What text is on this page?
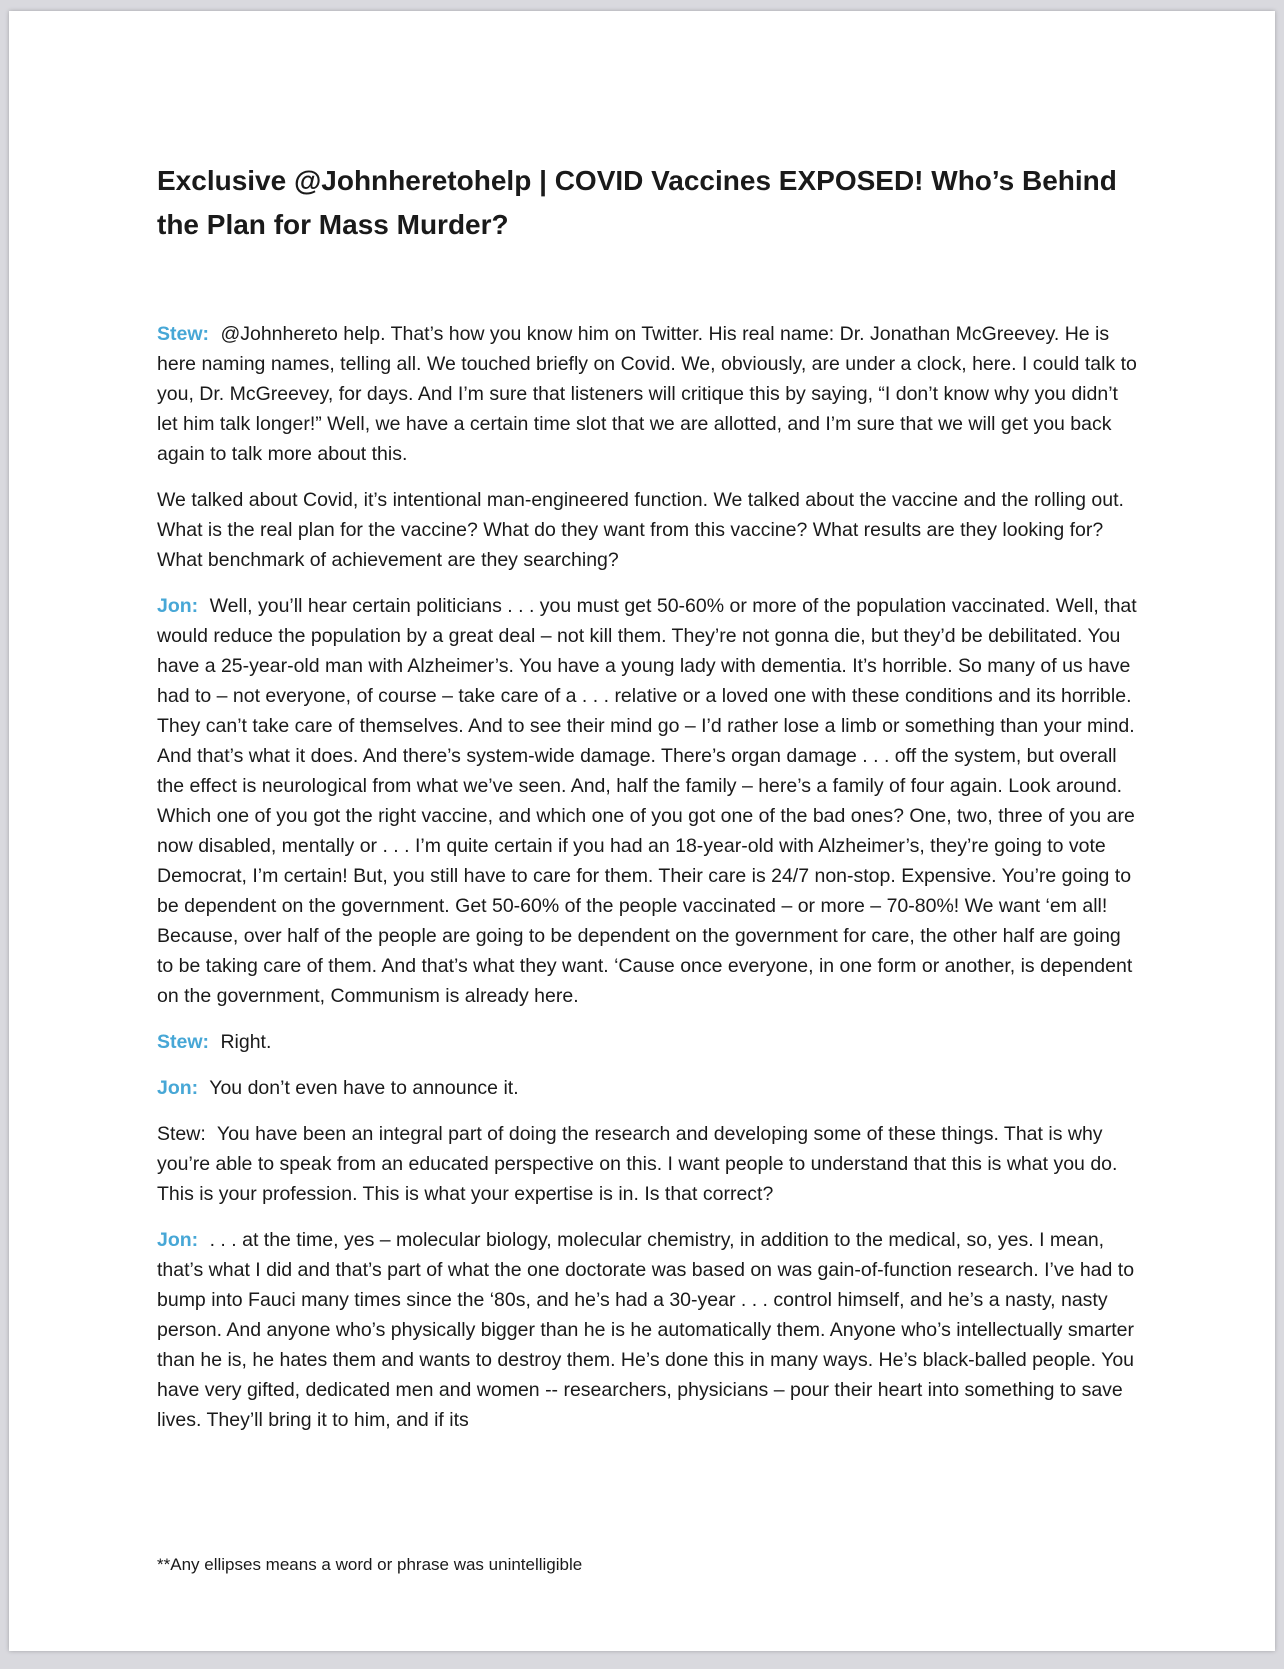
Exclusive @Johnheretohelp | COVID Vaccines EXPOSED! Who’s Behind the Plan for Mass Murder?

Stew: @Johnhereto help. That’s how you know him on Twitter. His real name: Dr. Jonathan McGreevey. He is here naming names, telling all. We touched briefly on Covid. We, obviously, are under a clock, here. I could talk to you, Dr. McGreevey, for days. And I’m sure that listeners will critique this by saying, “I don’t know why you didn’t let him talk longer!” Well, we have a certain time slot that we are allotted, and I’m sure that we will get you back again to talk more about this.

We talked about Covid, it’s intentional man-engineered function. We talked about the vaccine and the rolling out. What is the real plan for the vaccine? What do they want from this vaccine? What results are they looking for? What benchmark of achievement are they searching?

Jon: Well, you’ll hear certain politicians . . . you must get 50-60% or more of the population vaccinated. Well, that would reduce the population by a great deal – not kill them. They’re not gonna die, but they’d be debilitated. You have a 25-year-old man with Alzheimer’s. You have a young lady with dementia. It’s horrible. So many of us have had to – not everyone, of course – take care of a . . . relative or a loved one with these conditions and its horrible. They can’t take care of themselves. And to see their mind go – I’d rather lose a limb or something than your mind. And that’s what it does. And there’s system-wide damage. There’s organ damage . . . off the system, but overall the effect is neurological from what we’ve seen. And, half the family – here’s a family of four again. Look around. Which one of you got the right vaccine, and which one of you got one of the bad ones? One, two, three of you are now disabled, mentally or . . . I’m quite certain if you had an 18-year-old with Alzheimer’s, they’re going to vote Democrat, I’m certain! But, you still have to care for them. Their care is 24/7 non-stop. Expensive. You’re going to be dependent on the government. Get 50-60% of the people vaccinated – or more – 70-80%! We want ‘em all! Because, over half of the people are going to be dependent on the government for care, the other half are going to be taking care of them. And that’s what they want. ‘Cause once everyone, in one form or another, is dependent on the government, Communism is already here.

Stew: Right.

Jon: You don’t even have to announce it.

Stew: You have been an integral part of doing the research and developing some of these things. That is why you’re able to speak from an educated perspective on this. I want people to understand that this is what you do. This is your profession. This is what your expertise is in. Is that correct?

Jon: . . . at the time, yes – molecular biology, molecular chemistry, in addition to the medical, so, yes. I mean, that’s what I did and that’s part of what the one doctorate was based on was gain-of-function research. I’ve had to bump into Fauci many times since the ‘80s, and he’s had a 30-year . . . control himself, and he’s a nasty, nasty person. And anyone who’s physically bigger than he is he automatically them. Anyone who’s intellectually smarter than he is, he hates them and wants to destroy them. He’s done this in many ways. He’s black-balled people. You have very gifted, dedicated men and women -- researchers, physicians – pour their heart into something to save lives. They’ll bring it to him, and if its

**Any ellipses means a word or phrase was unintelligible
